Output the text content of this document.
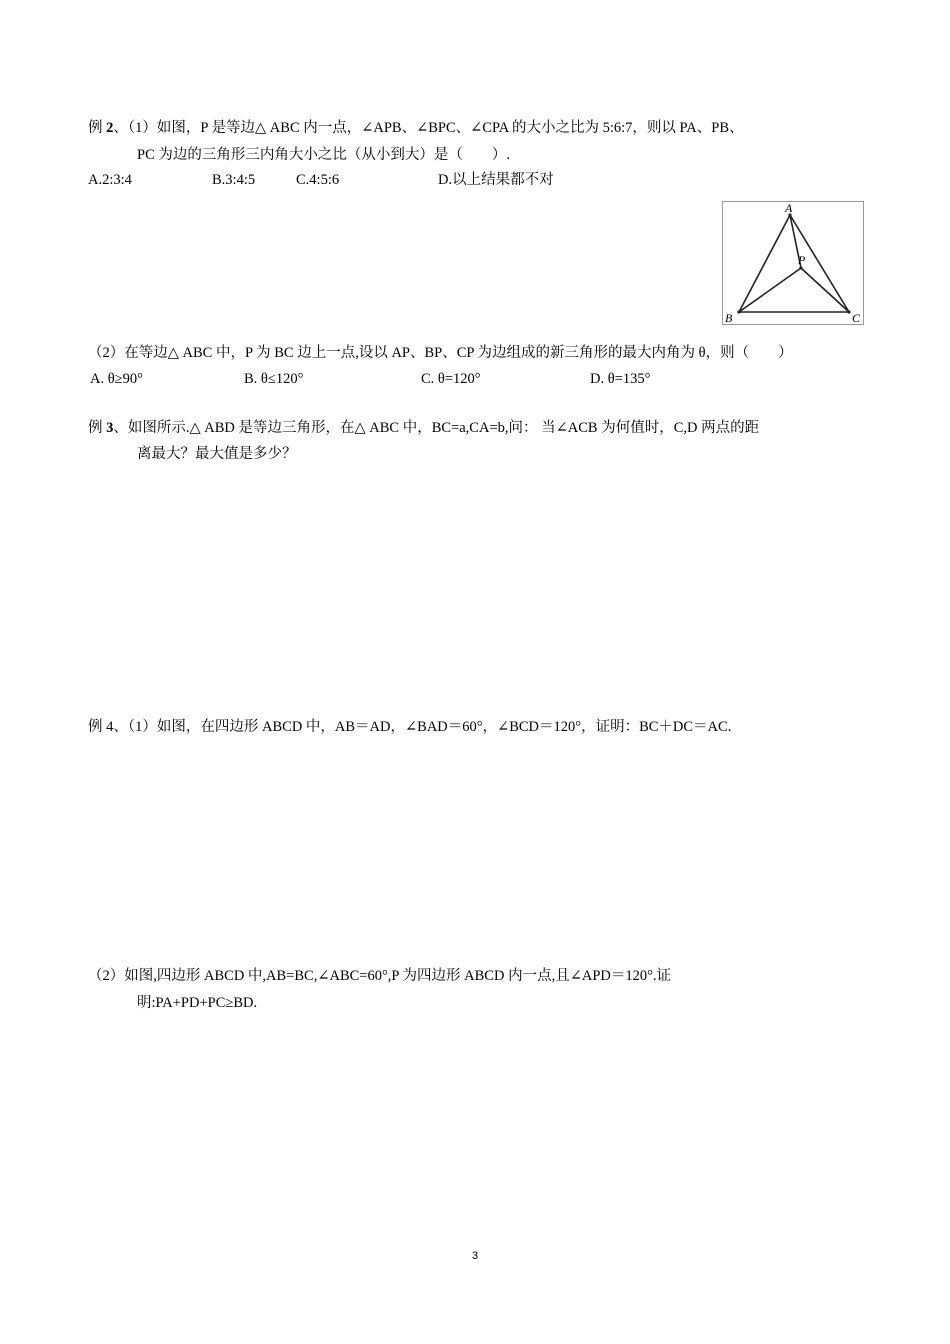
例 2、（1）如图，P 是等边△ ABC 内一点，∠APB、∠BPC、∠CPA 的大小之比为 5:6:7，则以 PA、PB、
PC 为边的三角形三内角大小之比（从小到大）是（　　）.
A.2:3:4	B.3:4:5	C.4:5:6	D.以上结果都不对
A
B	C
P
（2）在等边△ ABC 中，P 为 BC 边上一点,设以 AP、BP、CP 为边组成的新三角形的最大内角为 θ，则（　　）
A. θ≥90°	B. θ≤120°	C. θ=120°	D. θ=135°
例 3、如图所示.△ ABD 是等边三角形，在△ ABC 中，BC=a,CA=b,问： 当∠ACB 为何值时，C,D 两点的距
离最大？最大值是多少？
例 4、（1）如图，在四边形 ABCD 中，AB＝AD，∠BAD＝60°，∠BCD＝120°，证明：BC＋DC＝AC.
（2）如图,四边形 ABCD 中,AB=BC,∠ABC=60°,P 为四边形 ABCD 内一点,且∠APD＝120°.证
明:PA+PD+PC≥BD.
3
